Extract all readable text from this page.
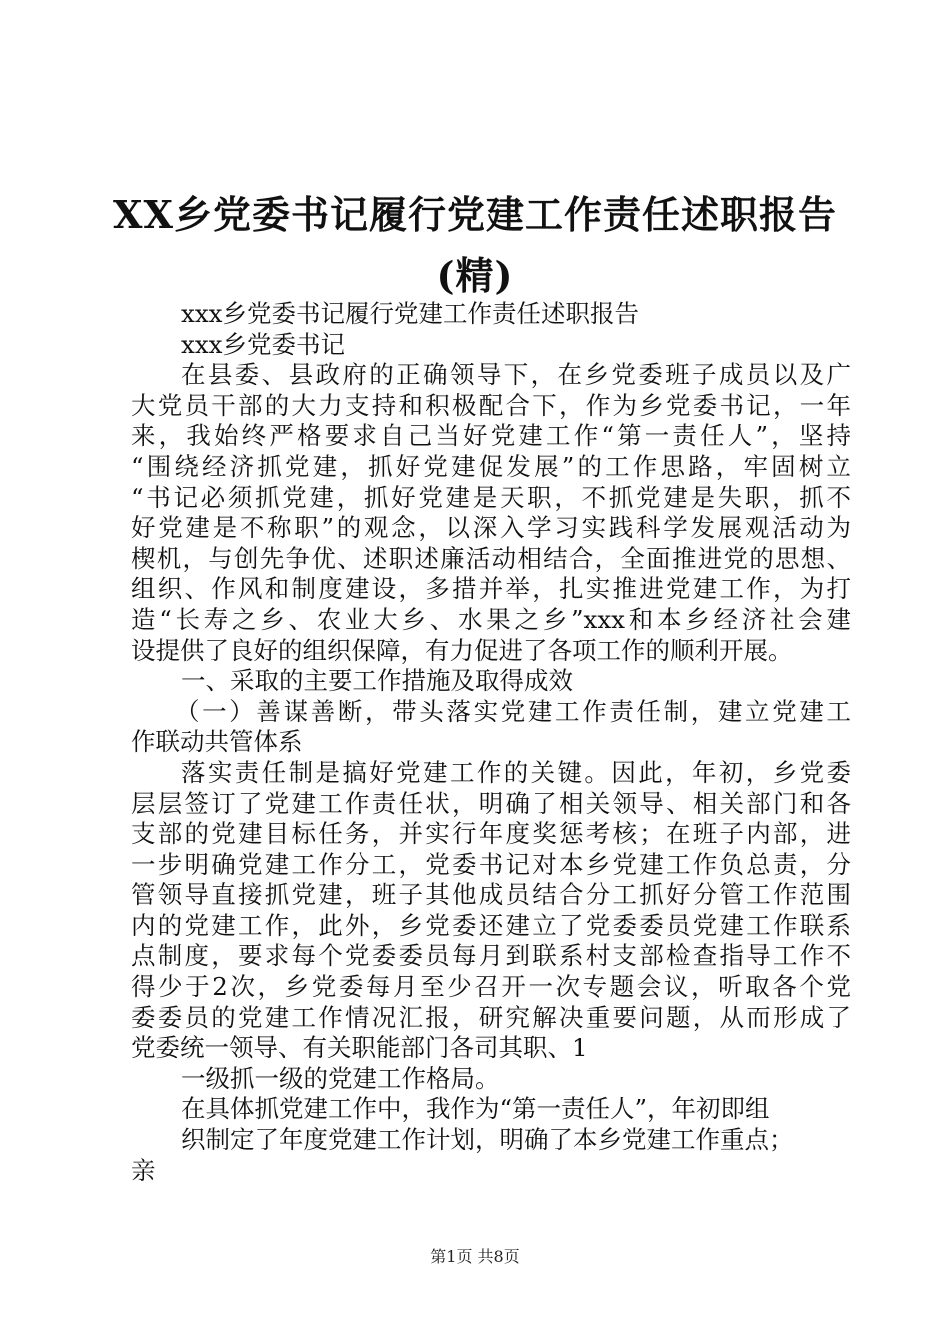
XX乡党委书记履行党建工作责任述职报告
(精)
xxx乡党委书记履行党建工作责任述职报告
xxx乡党委书记
在县委、县政府的正确领导下，在乡党委班子成员以及广
大党员干部的大力支持和积极配合下，作为乡党委书记，一年
来，我始终严格要求自己当好党建工作“第一责任人”，坚持
“围绕经济抓党建，抓好党建促发展”的工作思路，牢固树立
“书记必须抓党建，抓好党建是天职，不抓党建是失职，抓不
好党建是不称职”的观念，以深入学习实践科学发展观活动为
楔机，与创先争优、述职述廉活动相结合，全面推进党的思想、
组织、作风和制度建设，多措并举，扎实推进党建工作，为打
造“长寿之乡、农业大乡、水果之乡”xxx和本乡经济社会建
设提供了良好的组织保障，有力促进了各项工作的顺利开展。
一、采取的主要工作措施及取得成效
（一）善谋善断，带头落实党建工作责任制，建立党建工
作联动共管体系
落实责任制是搞好党建工作的关键。因此，年初，乡党委
层层签订了党建工作责任状，明确了相关领导、相关部门和各
支部的党建目标任务，并实行年度奖惩考核；在班子内部，进
一步明确党建工作分工，党委书记对本乡党建工作负总责，分
管领导直接抓党建，班子其他成员结合分工抓好分管工作范围
内的党建工作，此外，乡党委还建立了党委委员党建工作联系
点制度，要求每个党委委员每月到联系村支部检查指导工作不
得少于2次，乡党委每月至少召开一次专题会议，听取各个党
委委员的党建工作情况汇报，研究解决重要问题，从而形成了
党委统一领导、有关职能部门各司其职、1
一级抓一级的党建工作格局。
在具体抓党建工作中，我作为“第一责任人”，年初即组
织制定了年度党建工作计划，明确了本乡党建工作重点；
亲
第1页 共8页
